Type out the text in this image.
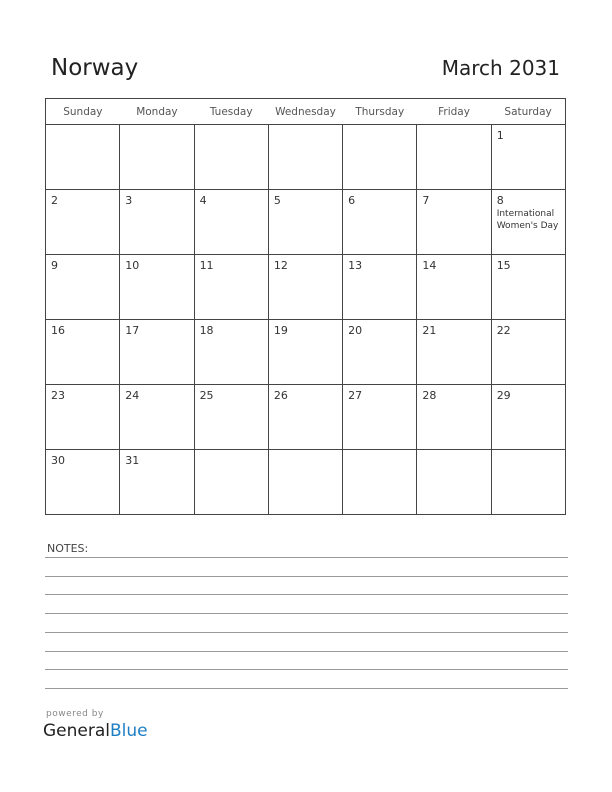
Norway	March 2031
Sunday	Monday	Tuesday	Wednesday	Thursday	Friday	Saturday

						1

2	3	4	5	6	7	8
International Women's Day

9	10	11	12	13	14	15

16	17	18	19	20	21	22

23	24	25	26	27	28	29

30	31					

NOTES:
powered by
GeneralBlue
